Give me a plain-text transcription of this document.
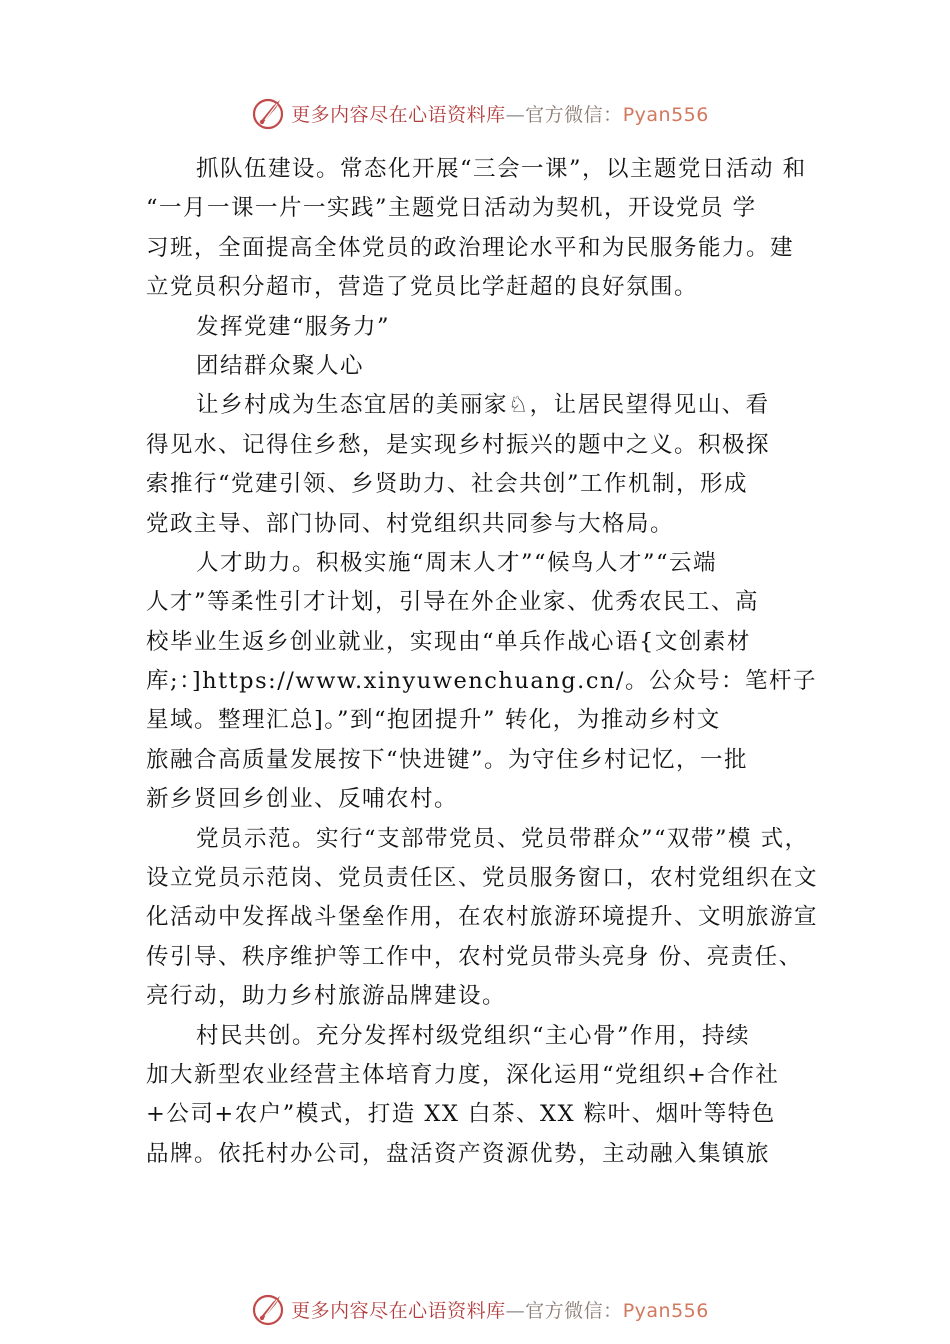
更多内容尽在心语资料库—官方微信：Pyan556
抓队伍建设。常态化开展“三会一课”，以主题党日活动 和
“一月一课一片一实践”主题党日活动为契机，开设党员 学
习班，全面提高全体党员的政治理论水平和为民服务能力。建
立党员积分超市，营造了党员比学赶超的良好氛围。
发挥党建“服务力”
团结群众聚人心
让乡村成为生态宜居的美丽家♘，让居民望得见山、看
得见水、记得住乡愁，是实现乡村振兴的题中之义。积极探
索推行“党建引领、乡贤助力、社会共创”工作机制，形成
党政主导、部门协同、村党组织共同参与大格局。
人才助力。积极实施“周末人才”“候鸟人才”“云端
人才”等柔性引才计划，引导在外企业家、优秀农民工、高
校毕业生返乡创业就业，实现由“单兵作战心语{文创素材
库;：]https://www.xinyuwenchuang.cn/。公众号：笔杆子
星域。整理汇总]。”到“抱团提升” 转化，为推动乡村文
旅融合高质量发展按下“快进键”。为守住乡村记忆，一批
新乡贤回乡创业、反哺农村。
党员示范。实行“支部带党员、党员带群众”“双带”模 式，
设立党员示范岗、党员责任区、党员服务窗口，农村党组织在文
化活动中发挥战斗堡垒作用，在农村旅游环境提升、文明旅游宣
传引导、秩序维护等工作中，农村党员带头亮身 份、亮责任、
亮行动，助力乡村旅游品牌建设。
村民共创。充分发挥村级党组织“主心骨”作用，持续
加大新型农业经营主体培育力度，深化运用“党组织+合作社
+公司+农户”模式，打造 XX 白茶、XX 粽叶、烟叶等特色
品牌。依托村办公司，盘活资产资源优势，主动融入集镇旅
更多内容尽在心语资料库—官方微信：Pyan556
